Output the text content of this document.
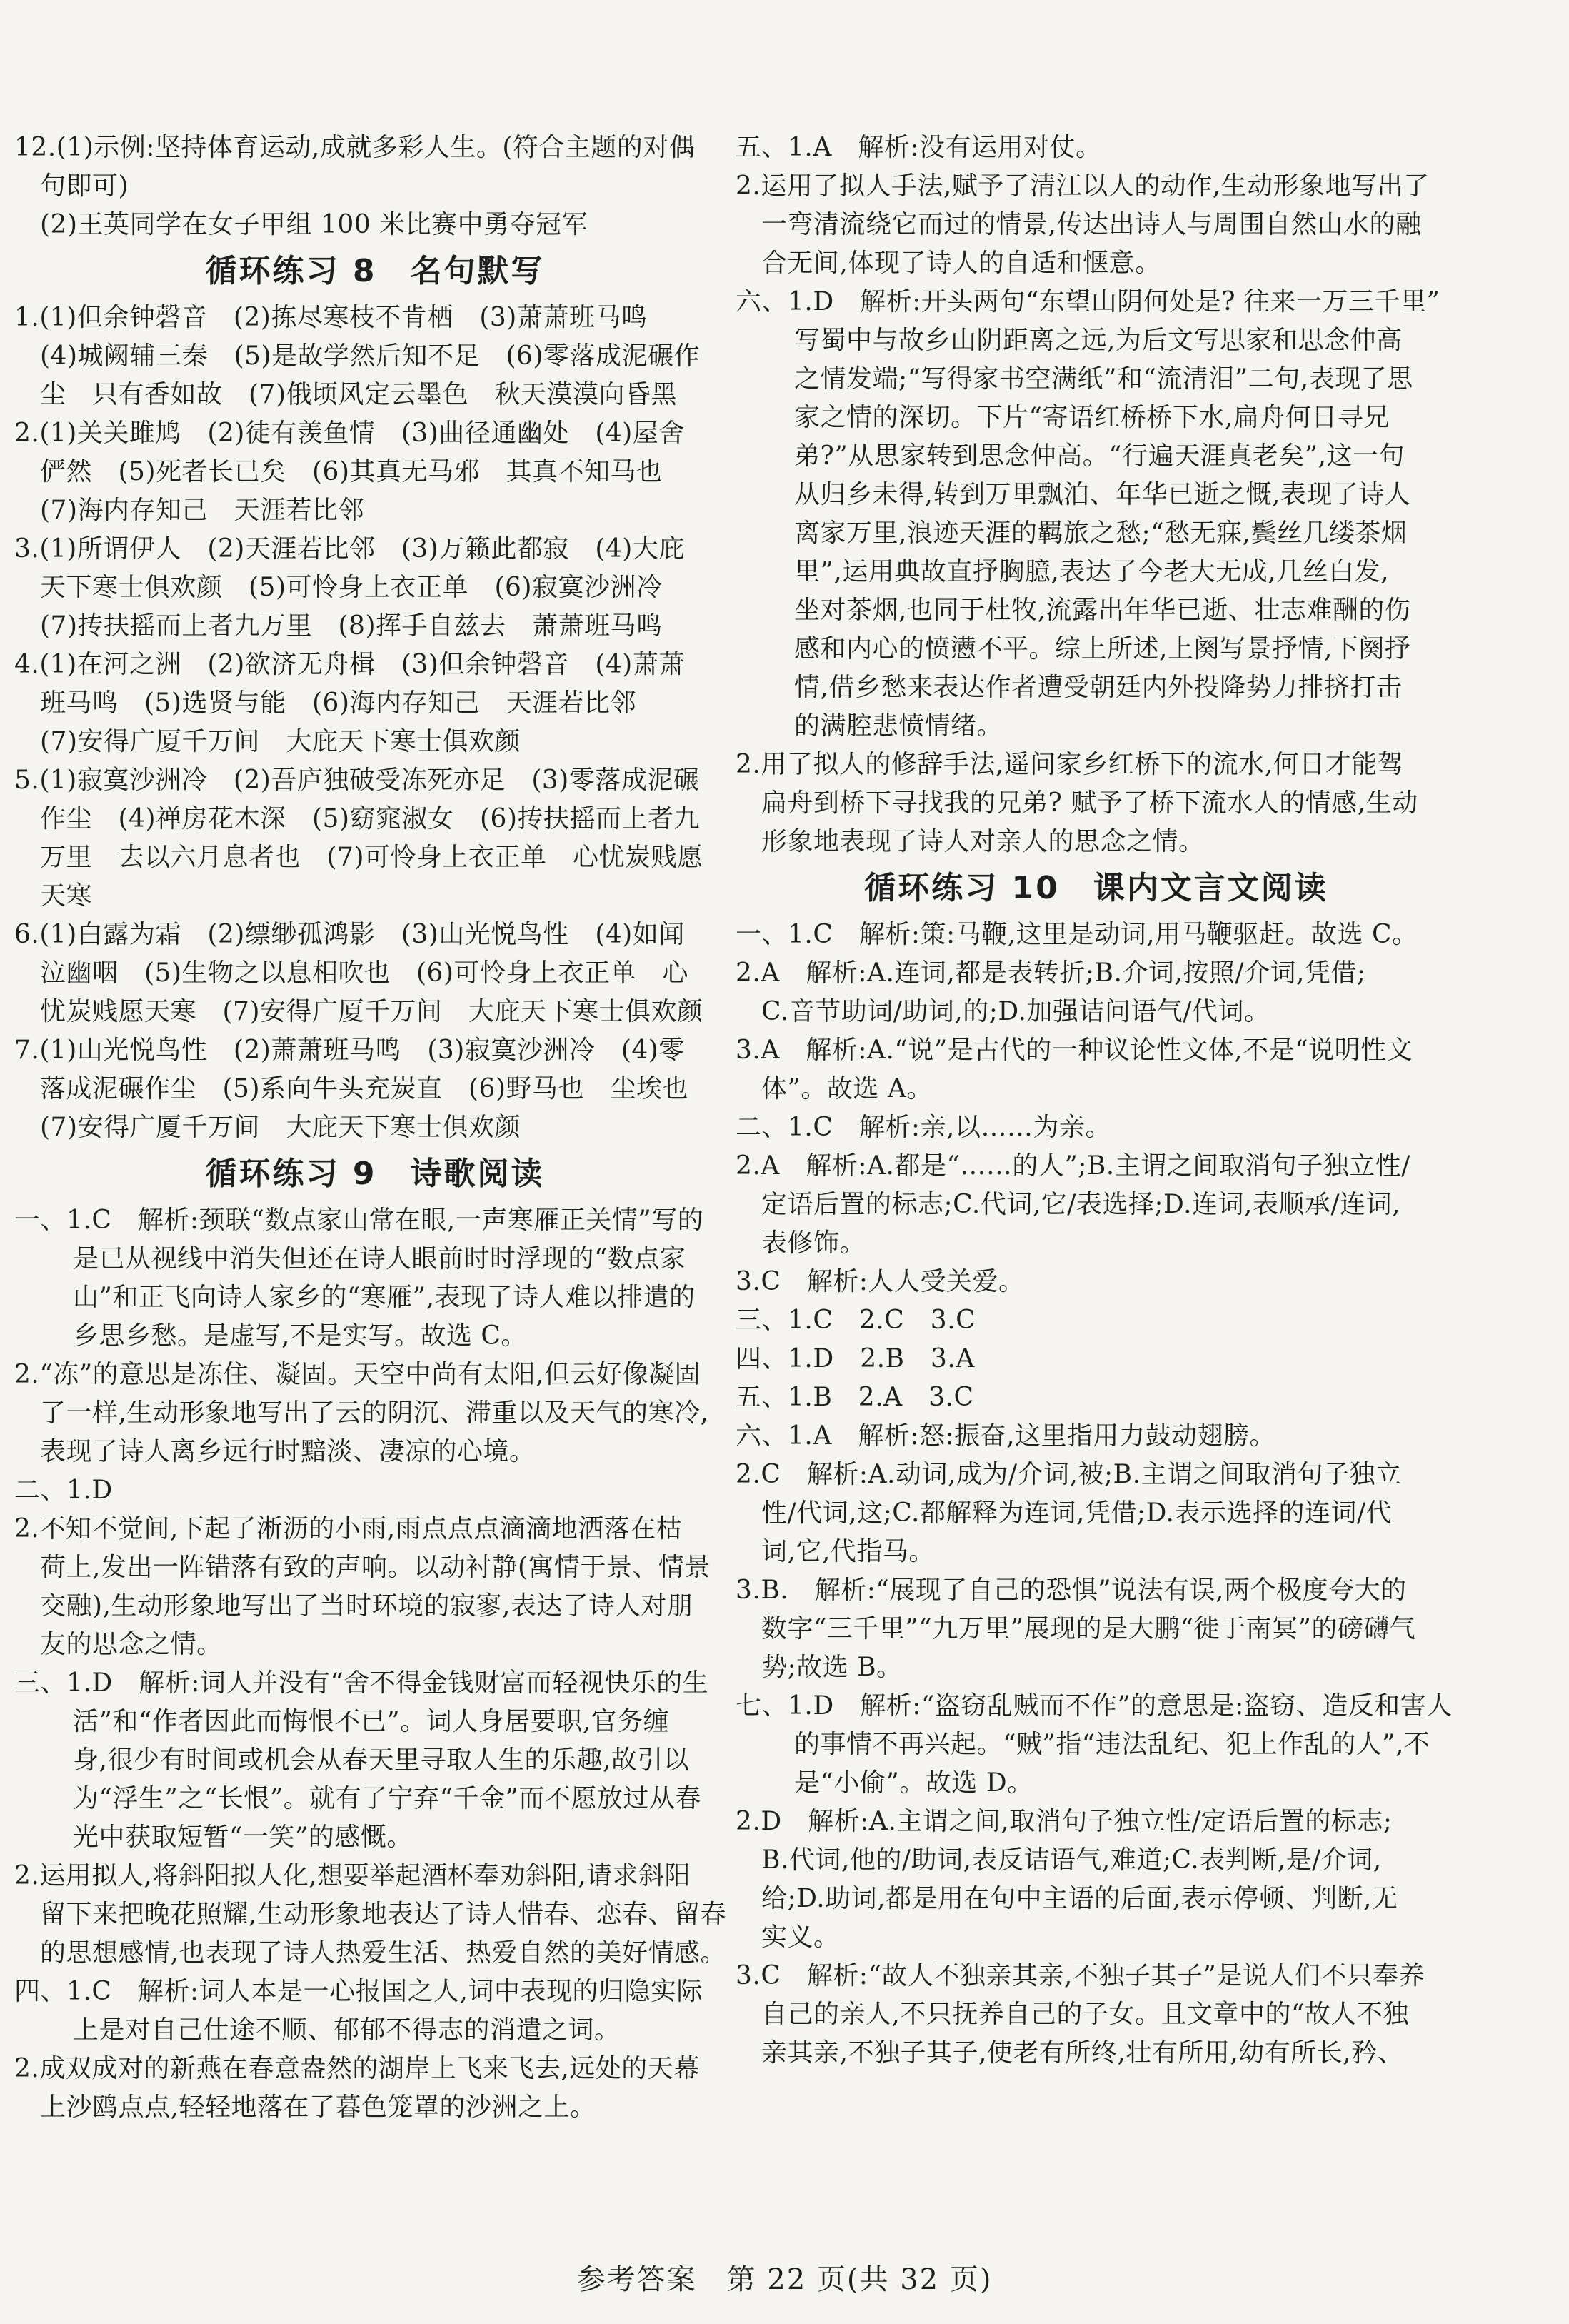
12.(1)示例:坚持体育运动,成就多彩人生。(符合主题的对偶
句即可)
(2)王英同学在女子甲组 100 米比赛中勇夺冠军
循环练习 8　名句默写
1.(1)但余钟磬音　(2)拣尽寒枝不肯栖　(3)萧萧班马鸣
(4)城阙辅三秦　(5)是故学然后知不足　(6)零落成泥碾作
尘　只有香如故　(7)俄顷风定云墨色　秋天漠漠向昏黑
2.(1)关关雎鸠　(2)徒有羡鱼情　(3)曲径通幽处　(4)屋舍
俨然　(5)死者长已矣　(6)其真无马邪　其真不知马也
(7)海内存知己　天涯若比邻
3.(1)所谓伊人　(2)天涯若比邻　(3)万籁此都寂　(4)大庇
天下寒士俱欢颜　(5)可怜身上衣正单　(6)寂寞沙洲冷
(7)抟扶摇而上者九万里　(8)挥手自兹去　萧萧班马鸣
4.(1)在河之洲　(2)欲济无舟楫　(3)但余钟磬音　(4)萧萧
班马鸣　(5)选贤与能　(6)海内存知己　天涯若比邻
(7)安得广厦千万间　大庇天下寒士俱欢颜
5.(1)寂寞沙洲冷　(2)吾庐独破受冻死亦足　(3)零落成泥碾
作尘　(4)禅房花木深　(5)窈窕淑女　(6)抟扶摇而上者九
万里　去以六月息者也　(7)可怜身上衣正单　心忧炭贱愿
天寒
6.(1)白露为霜　(2)缥缈孤鸿影　(3)山光悦鸟性　(4)如闻
泣幽咽　(5)生物之以息相吹也　(6)可怜身上衣正单　心
忧炭贱愿天寒　(7)安得广厦千万间　大庇天下寒士俱欢颜
7.(1)山光悦鸟性　(2)萧萧班马鸣　(3)寂寞沙洲冷　(4)零
落成泥碾作尘　(5)系向牛头充炭直　(6)野马也　尘埃也
(7)安得广厦千万间　大庇天下寒士俱欢颜
循环练习 9　诗歌阅读
一、1.C　解析:颈联“数点家山常在眼,一声寒雁正关情”写的
是已从视线中消失但还在诗人眼前时时浮现的“数点家
山”和正飞向诗人家乡的“寒雁”,表现了诗人难以排遣的
乡思乡愁。是虚写,不是实写。故选 C。
2.“冻”的意思是冻住、凝固。天空中尚有太阳,但云好像凝固
了一样,生动形象地写出了云的阴沉、滞重以及天气的寒冷,
表现了诗人离乡远行时黯淡、凄凉的心境。
二、1.D
2.不知不觉间,下起了淅沥的小雨,雨点点点滴滴地洒落在枯
荷上,发出一阵错落有致的声响。以动衬静(寓情于景、情景
交融),生动形象地写出了当时环境的寂寥,表达了诗人对朋
友的思念之情。
三、1.D　解析:词人并没有“舍不得金钱财富而轻视快乐的生
活”和“作者因此而悔恨不已”。词人身居要职,官务缠
身,很少有时间或机会从春天里寻取人生的乐趣,故引以
为“浮生”之“长恨”。就有了宁弃“千金”而不愿放过从春
光中获取短暂“一笑”的感慨。
2.运用拟人,将斜阳拟人化,想要举起酒杯奉劝斜阳,请求斜阳
留下来把晚花照耀,生动形象地表达了诗人惜春、恋春、留春
的思想感情,也表现了诗人热爱生活、热爱自然的美好情感。
四、1.C　解析:词人本是一心报国之人,词中表现的归隐实际
上是对自己仕途不顺、郁郁不得志的消遣之词。
2.成双成对的新燕在春意盎然的湖岸上飞来飞去,远处的天幕
上沙鸥点点,轻轻地落在了暮色笼罩的沙洲之上。
五、1.A　解析:没有运用对仗。
2.运用了拟人手法,赋予了清江以人的动作,生动形象地写出了
一弯清流绕它而过的情景,传达出诗人与周围自然山水的融
合无间,体现了诗人的自适和惬意。
六、1.D　解析:开头两句“东望山阴何处是? 往来一万三千里”
写蜀中与故乡山阴距离之远,为后文写思家和思念仲高
之情发端;“写得家书空满纸”和“流清泪”二句,表现了思
家之情的深切。下片“寄语红桥桥下水,扁舟何日寻兄
弟?”从思家转到思念仲高。“行遍天涯真老矣”,这一句
从归乡未得,转到万里飘泊、年华已逝之慨,表现了诗人
离家万里,浪迹天涯的羁旅之愁;“愁无寐,鬓丝几缕茶烟
里”,运用典故直抒胸臆,表达了今老大无成,几丝白发,
坐对茶烟,也同于杜牧,流露出年华已逝、壮志难酬的伤
感和内心的愤懑不平。综上所述,上阕写景抒情,下阕抒
情,借乡愁来表达作者遭受朝廷内外投降势力排挤打击
的满腔悲愤情绪。
2.用了拟人的修辞手法,遥问家乡红桥下的流水,何日才能驾
扁舟到桥下寻找我的兄弟? 赋予了桥下流水人的情感,生动
形象地表现了诗人对亲人的思念之情。
循环练习 10　课内文言文阅读
一、1.C　解析:策:马鞭,这里是动词,用马鞭驱赶。故选 C。
2.A　解析:A.连词,都是表转折;B.介词,按照/介词,凭借;
C.音节助词/助词,的;D.加强诘问语气/代词。
3.A　解析:A.“说”是古代的一种议论性文体,不是“说明性文
体”。故选 A。
二、1.C　解析:亲,以……为亲。
2.A　解析:A.都是“……的人”;B.主谓之间取消句子独立性/
定语后置的标志;C.代词,它/表选择;D.连词,表顺承/连词,
表修饰。
3.C　解析:人人受关爱。
三、1.C　2.C　3.C
四、1.D　2.B　3.A
五、1.B　2.A　3.C
六、1.A　解析:怒:振奋,这里指用力鼓动翅膀。
2.C　解析:A.动词,成为/介词,被;B.主谓之间取消句子独立
性/代词,这;C.都解释为连词,凭借;D.表示选择的连词/代
词,它,代指马。
3.B.　解析:“展现了自己的恐惧”说法有误,两个极度夸大的
数字“三千里”“九万里”展现的是大鹏“徙于南冥”的磅礴气
势;故选 B。
七、1.D　解析:“盗窃乱贼而不作”的意思是:盗窃、造反和害人
的事情不再兴起。“贼”指“违法乱纪、犯上作乱的人”,不
是“小偷”。故选 D。
2.D　解析:A.主谓之间,取消句子独立性/定语后置的标志;
B.代词,他的/助词,表反诘语气,难道;C.表判断,是/介词,
给;D.助词,都是用在句中主语的后面,表示停顿、判断,无
实义。
3.C　解析:“故人不独亲其亲,不独子其子”是说人们不只奉养
自己的亲人,不只抚养自己的子女。且文章中的“故人不独
亲其亲,不独子其子,使老有所终,壮有所用,幼有所长,矜、
参考答案　第 22 页(共 32 页)
